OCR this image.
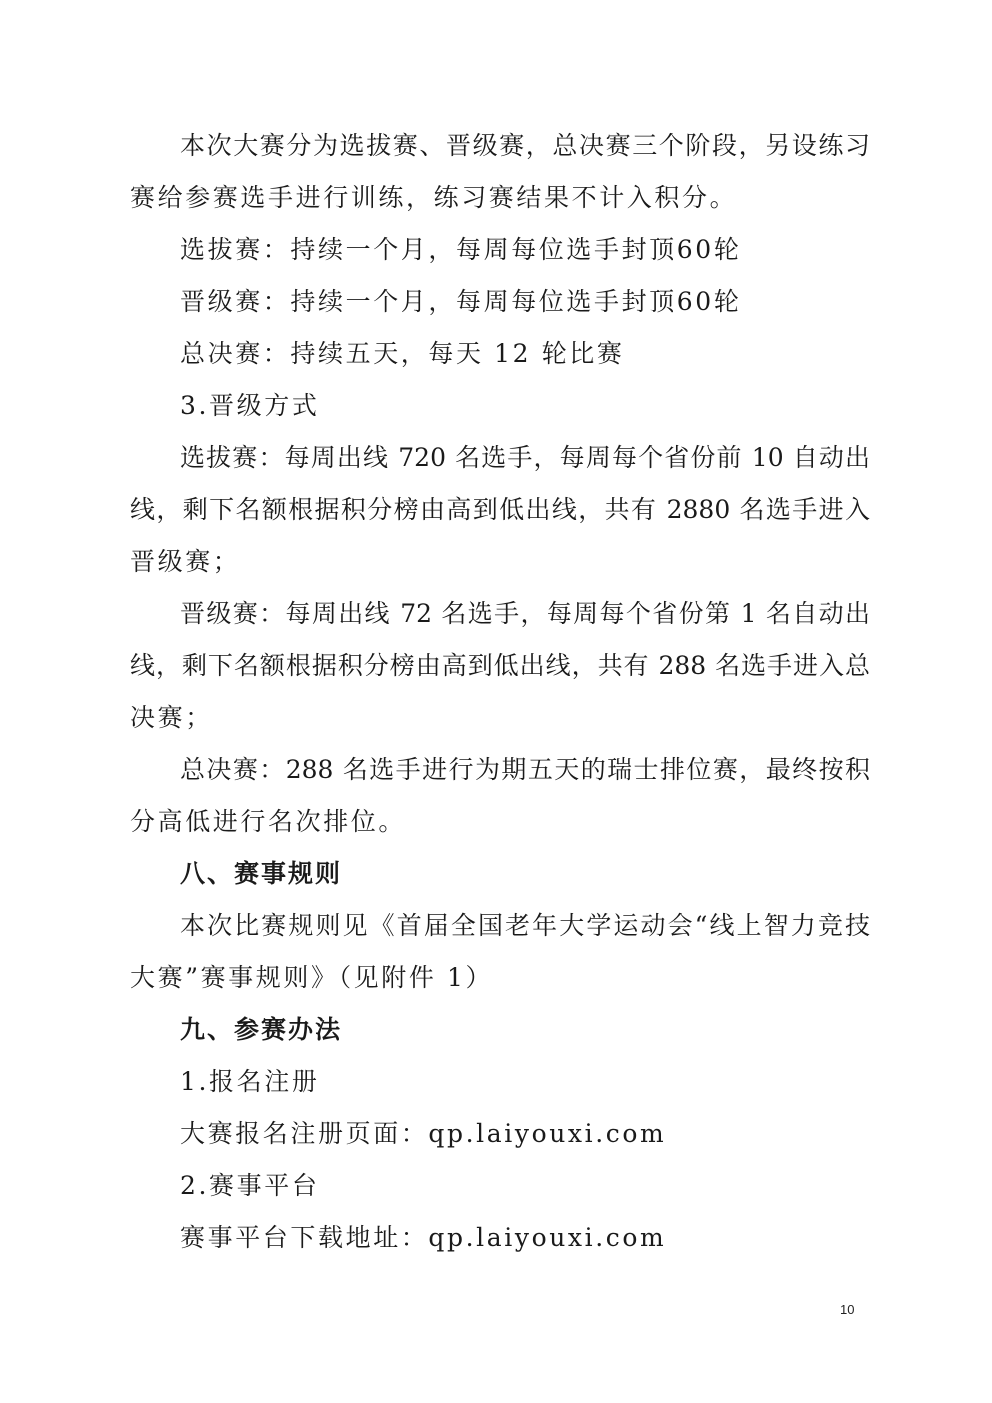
本次大赛分为选拔赛、晋级赛，总决赛三个阶段，另设练习
赛给参赛选手进行训练，练习赛结果不计入积分。
选拔赛：持续一个月，每周每位选手封顶60轮
晋级赛：持续一个月，每周每位选手封顶60轮
总决赛：持续五天，每天 12 轮比赛
3.晋级方式
选拔赛：每周出线 720 名选手，每周每个省份前 10 自动出
线，剩下名额根据积分榜由高到低出线，共有 2880 名选手进入
晋级赛；
晋级赛：每周出线 72 名选手，每周每个省份第 1 名自动出
线，剩下名额根据积分榜由高到低出线，共有 288 名选手进入总
决赛；
总决赛：288 名选手进行为期五天的瑞士排位赛，最终按积
分高低进行名次排位。
八、赛事规则
本次比赛规则见《首届全国老年大学运动会“线上智力竞技
大赛”赛事规则》（见附件 1）
九、参赛办法
1.报名注册
大赛报名注册页面：qp.laiyouxi.com
2.赛事平台
赛事平台下载地址：qp.laiyouxi.com
10
